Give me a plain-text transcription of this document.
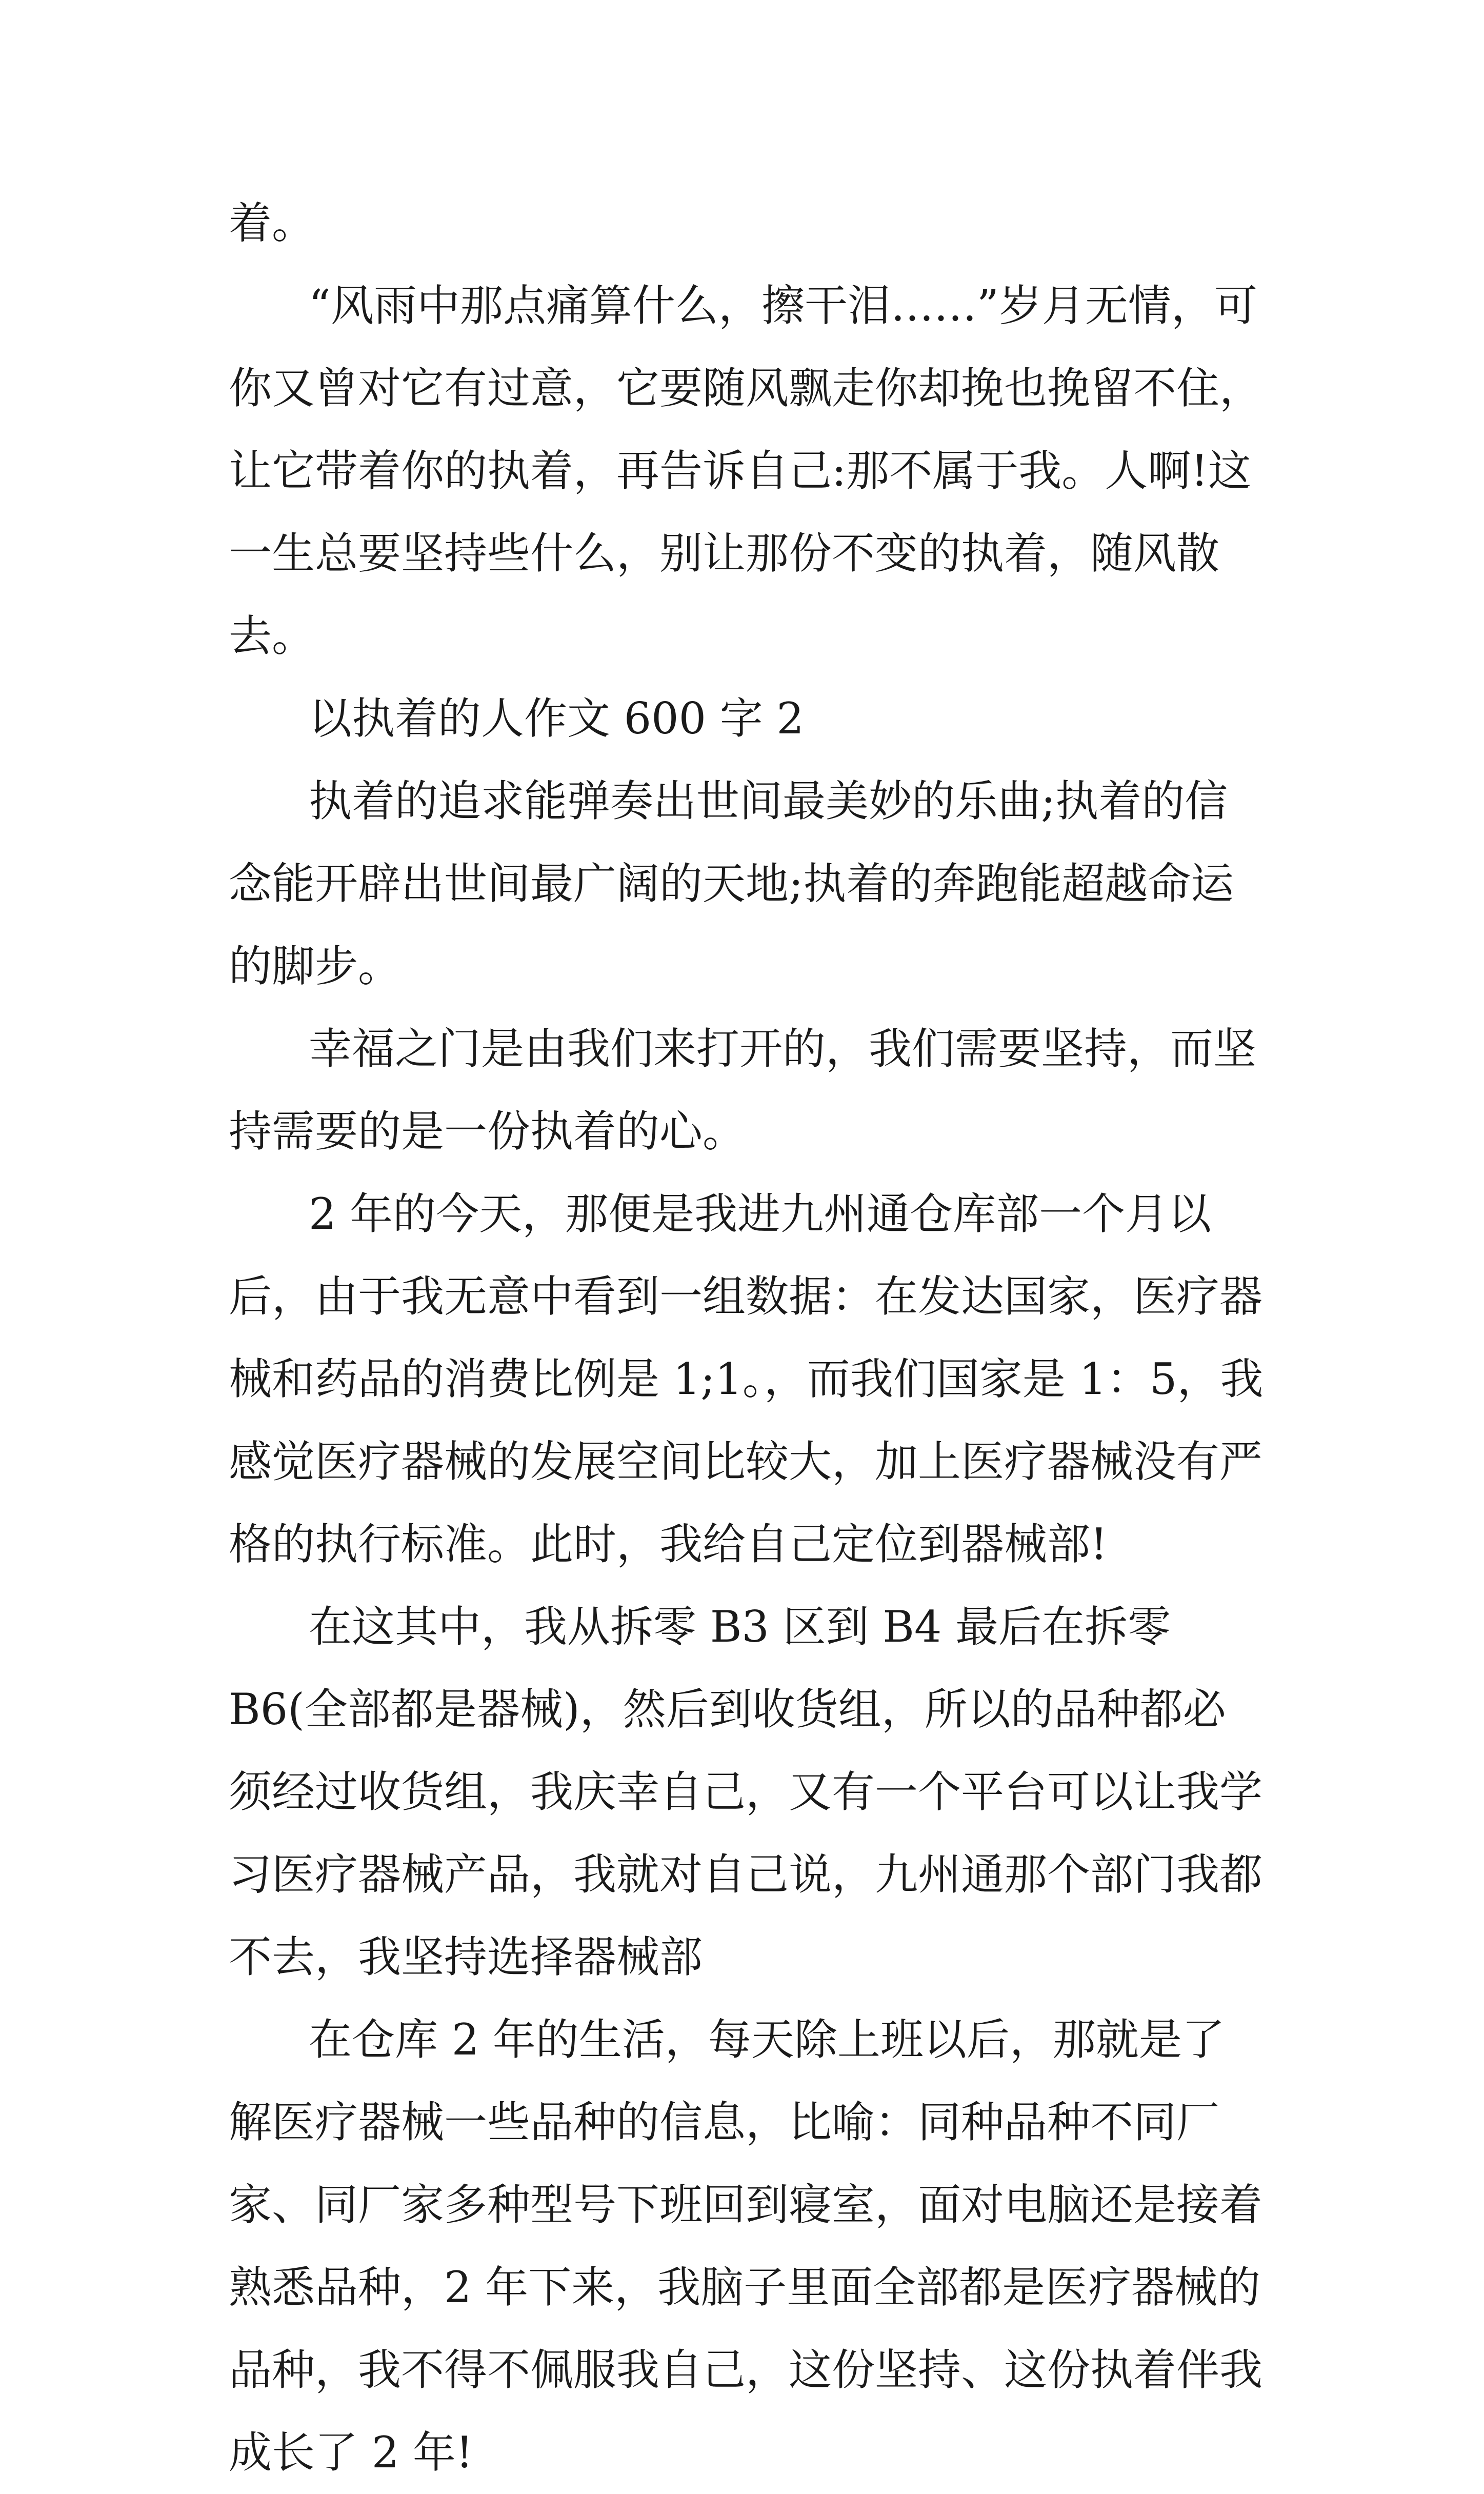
着。

“风雨中那点痛算什么，擦干泪……”岁月无情，可你又曾对它有过意，它要随风飘走你却挽也挽留不住，让它带着你的执着，再告诉自己:那不属于我。人啊!这一生总要坚持些什么，别让那份不变的执着，随风散去。

以执着的人作文 600 字 2

执着的追求能弹奏出世间最美妙的乐曲;执着的信念能开辟出世间最广阔的天地;执着的奔跑能超越命运的脚步。

幸福之门是由我们来打开的，我们需要坚持，而坚持需要的是一份执着的心。

2 年的今天，那便是我进九州通仓库部一个月以后，由于我无意中看到一组数据：在发达国家，医疗器械和药品的消费比例是 1;1。，而我们国家是 1：5，我感觉医疗器械的发展空间比较大，加上医疗器械没有严格的执行标准。此时，我给自己定位到器械部!

在这其中，我从拆零 B3 区到 B4 最后在拆零 B6(全部都是器械)，然后到收货组，所以的品种都必须经过收货组，我庆幸自己，又有一个平台可以让我学习医疗器械产品，我就对自己说，九州通那个部门我都不去，我坚持选择器械部

在仓库 2 年的生活，每天除上班以后，那就是了解医疗器械一些品种的信息，比喻：同种品种不同厂家、同厂家多种型号下班回到寝室，面对电脑还是接着熟悉品种，2 年下来，我脑子里面全部都是医疗器械的品种，我不得不佩服我自己，这份坚持、这份执着伴我成长了 2 年!
